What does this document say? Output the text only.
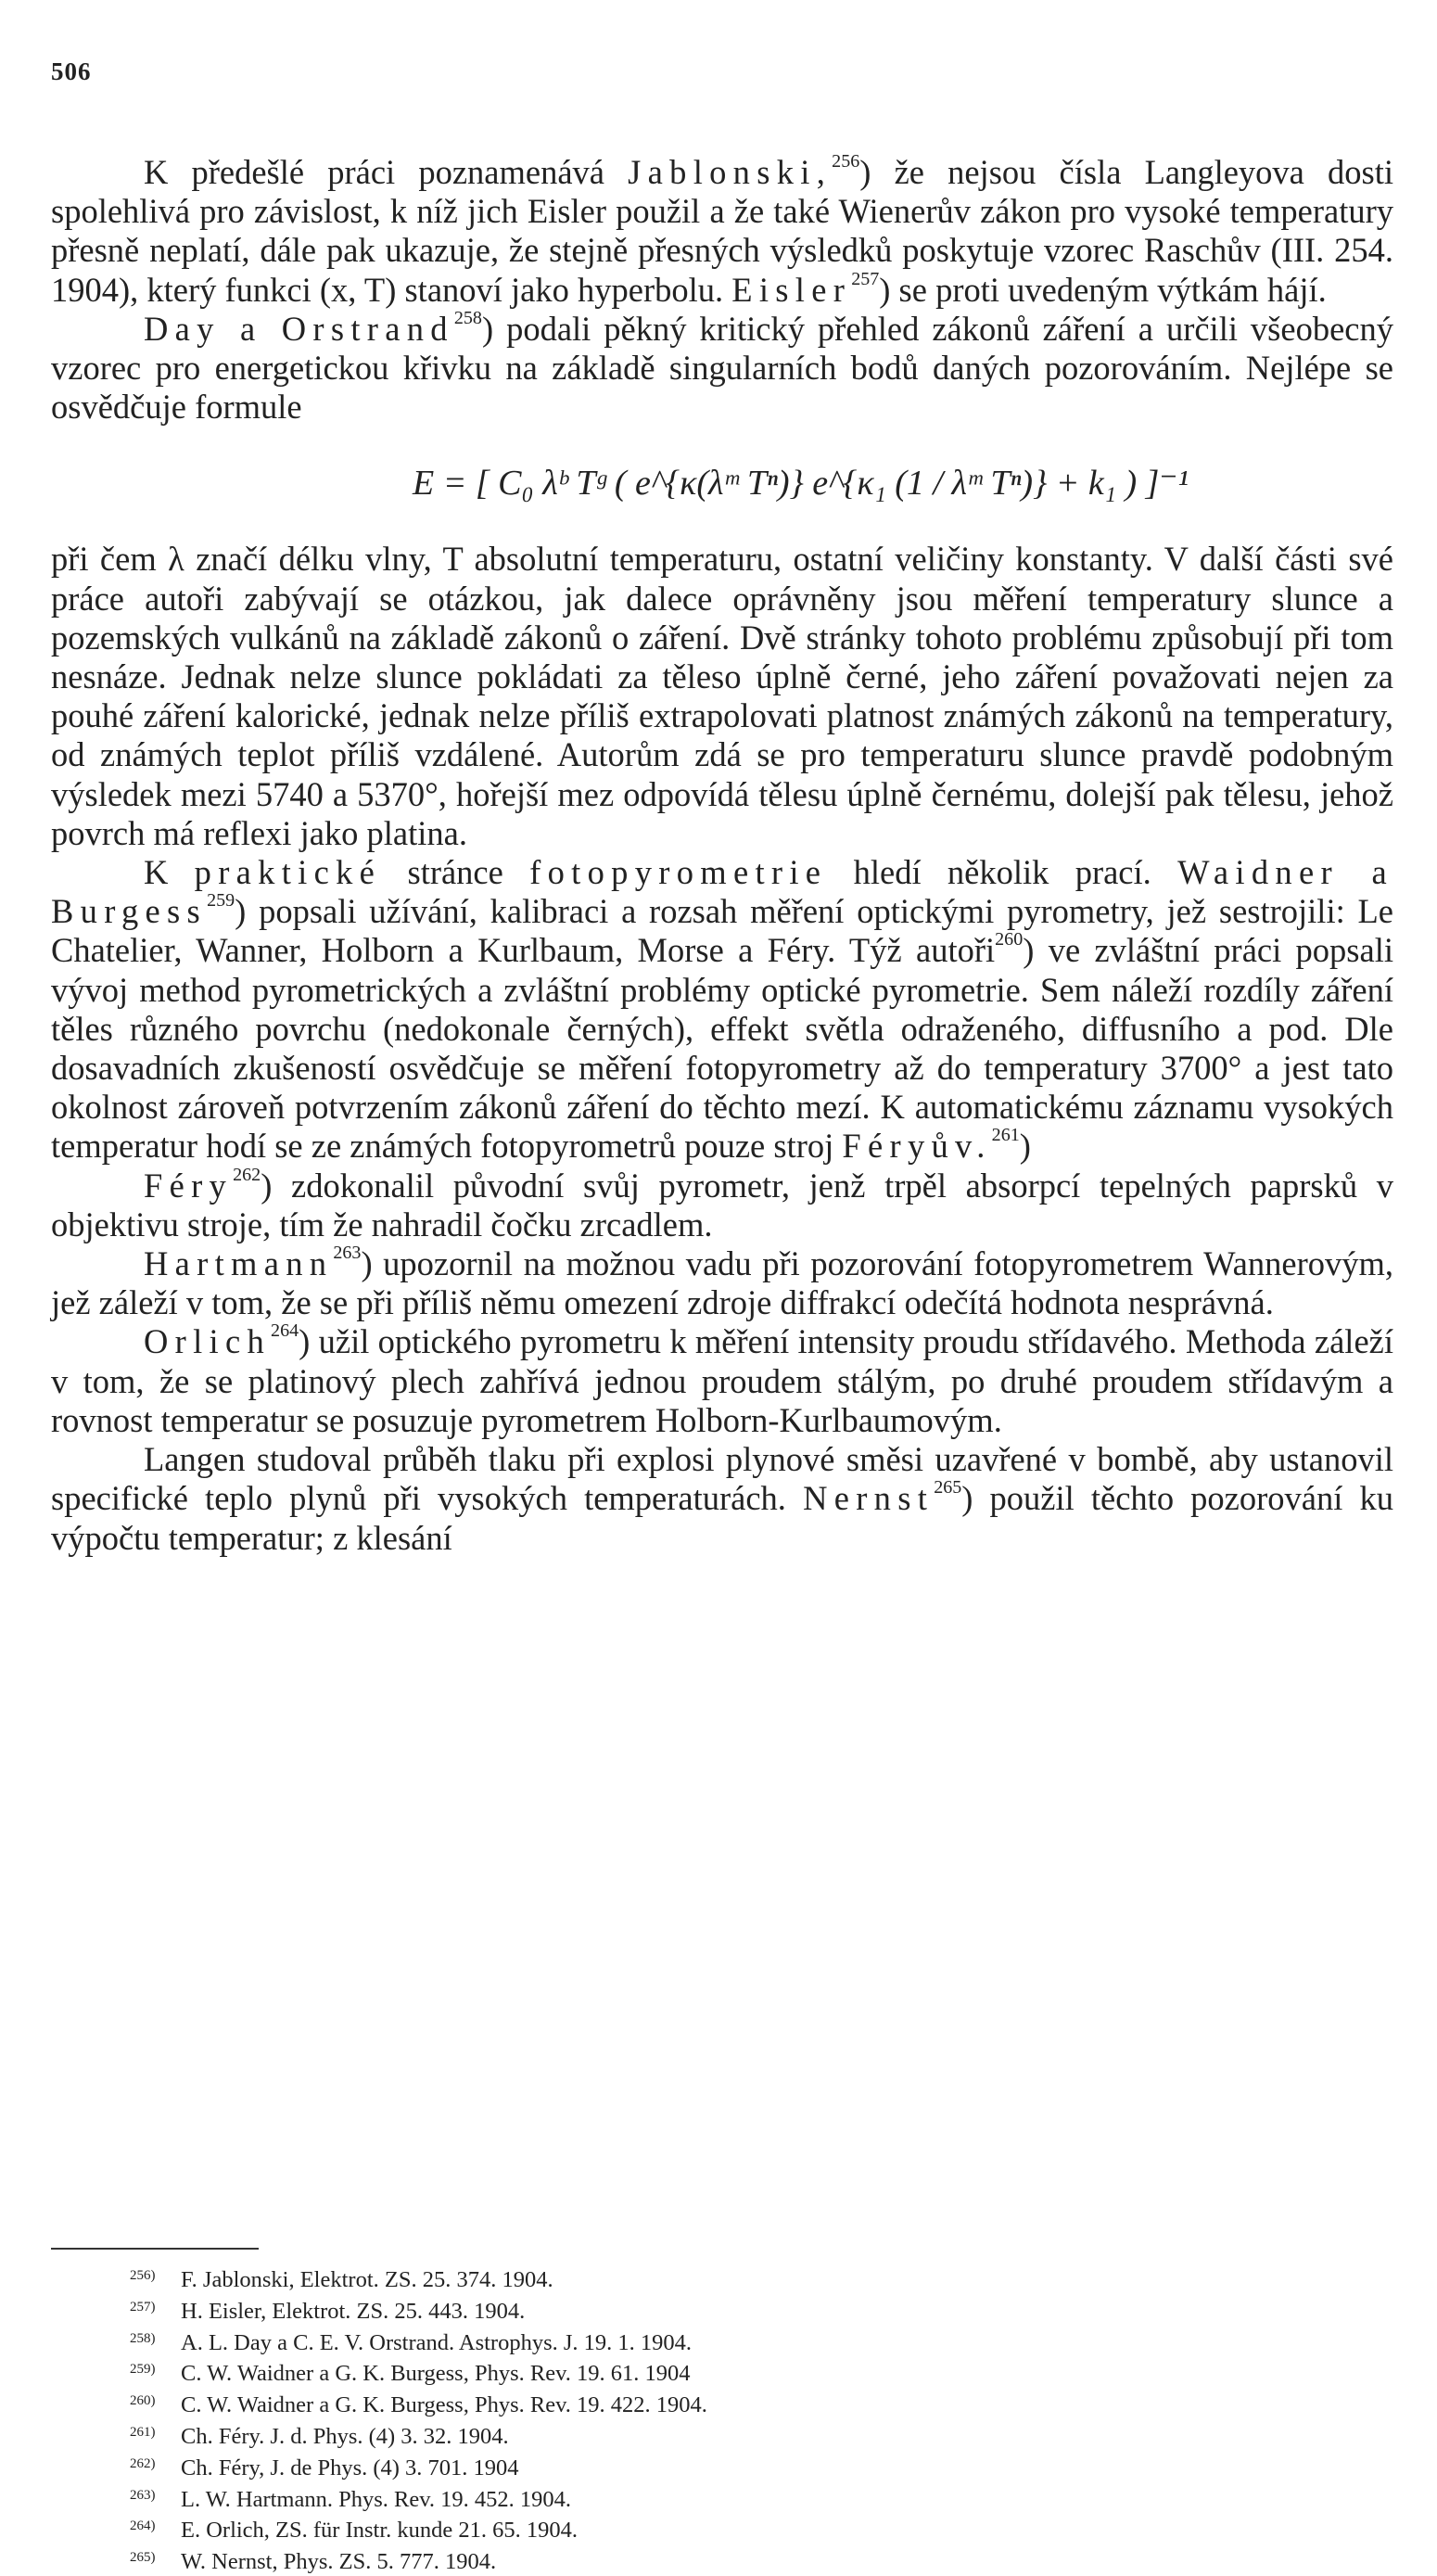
506

K předešlé práci poznamenává Jablonski,$^{256}$) že nejsou čísla Langleyova dosti spolehlivá pro závislost, k níž jich Eisler použil a že také Wienerův zákon pro vysoké temperatury přesně neplatí, dále pak ukazuje, že stejně přesných výsledků poskytuje vzorec Raschův (III. 254. 1904), který funkci (x, T) stanoví jako hyperbolu. Eisler$^{257}$) se proti uvedeným výtkám hájí.

Day a Orstrand$^{258}$) podali pěkný kritický přehled zákonů záření a určili všeobecný vzorec pro energetickou křivku na základě singularních bodů daných pozorováním. Nejlépe se osvědčuje formule

E = [ C₀ λᵇ Tᵍ ( e^{κ(λᵐ Tⁿ)} e^{κ₁ (1 / λᵐ Tⁿ)} + k₁ ) ]⁻¹

při čem λ značí délku vlny, T absolutní temperaturu, ostatní veličiny konstanty. V další části své práce autoři zabývají se otázkou, jak dalece oprávněny jsou měření temperatury slunce a pozemských vulkánů na základě zákonů o záření. Dvě stránky tohoto problému způsobují při tom nesnáze. Jednak nelze slunce pokládati za těleso úplně černé, jeho záření považovati nejen za pouhé záření kalorické, jednak nelze příliš extrapolovati platnost známých zákonů na temperatury, od známých teplot příliš vzdálené. Autorům zdá se pro temperaturu slunce pravdě podobným výsledek mezi 5740 a 5370°, hořejší mez odpovídá tělesu úplně černému, dolejší pak tělesu, jehož povrch má reflexi jako platina.

K praktické stránce fotopyrometrie hledí několik prací. Waidner a Burgess$^{259}$) popsali užívání, kalibraci a rozsah měření optickými pyrometry, jež sestrojili: Le Chatelier, Wanner, Holborn a Kurlbaum, Morse a Féry. Týž autoři$^{260}$) ve zvláštní práci popsali vývoj method pyrometrických a zvláštní problémy optické pyrometrie. Sem náleží rozdíly záření těles různého povrchu (nedokonale černých), effekt světla odraženého, diffusního a pod. Dle dosavadních zkušeností osvědčuje se měření fotopyrometry až do temperatury 3700° a jest tato okolnost zároveň potvrzením zákonů záření do těchto mezí. K automatickému záznamu vysokých temperatur hodí se ze známých fotopyrometrů pouze stroj Féryův.$^{261}$)

Féry$^{262}$) zdokonalil původní svůj pyrometr, jenž trpěl absorpcí tepelných paprsků v objektivu stroje, tím že nahradil čočku zrcadlem.

Hartmann$^{263}$) upozornil na možnou vadu při pozorování fotopyrometrem Wannerovým, jež záleží v tom, že se při příliš němu omezení zdroje diffrakcí odečítá hodnota nesprávná.

Orlich$^{264}$) užil optického pyrometru k měření intensity proudu střídavého. Methoda záleží v tom, že se platinový plech zahřívá jednou proudem stálým, po druhé proudem střídavým a rovnost temperatur se posuzuje pyrometrem Holborn-Kurlbaumovým.

Langen studoval průběh tlaku při explosi plynové směsi uzavřené v bombě, aby ustanovil specifické teplo plynů při vysokých temperaturách. Nernst$^{265}$) použil těchto pozorování ku výpočtu temperatur; z klesání

256) F. Jablonski, Elektrot. ZS. 25. 374. 1904.
257) H. Eisler, Elektrot. ZS. 25. 443. 1904.
258) A. L. Day a C. E. V. Orstrand. Astrophys. J. 19. 1. 1904.
259) C. W. Waidner a G. K. Burgess, Phys. Rev. 19. 61. 1904
260) C. W. Waidner a G. K. Burgess, Phys. Rev. 19. 422. 1904.
261) Ch. Féry. J. d. Phys. (4) 3. 32. 1904.
262) Ch. Féry, J. de Phys. (4) 3. 701. 1904
263) L. W. Hartmann. Phys. Rev. 19. 452. 1904.
264) E. Orlich, ZS. für Instr. kunde 21. 65. 1904.
265) W. Nernst, Phys. ZS. 5. 777. 1904.
